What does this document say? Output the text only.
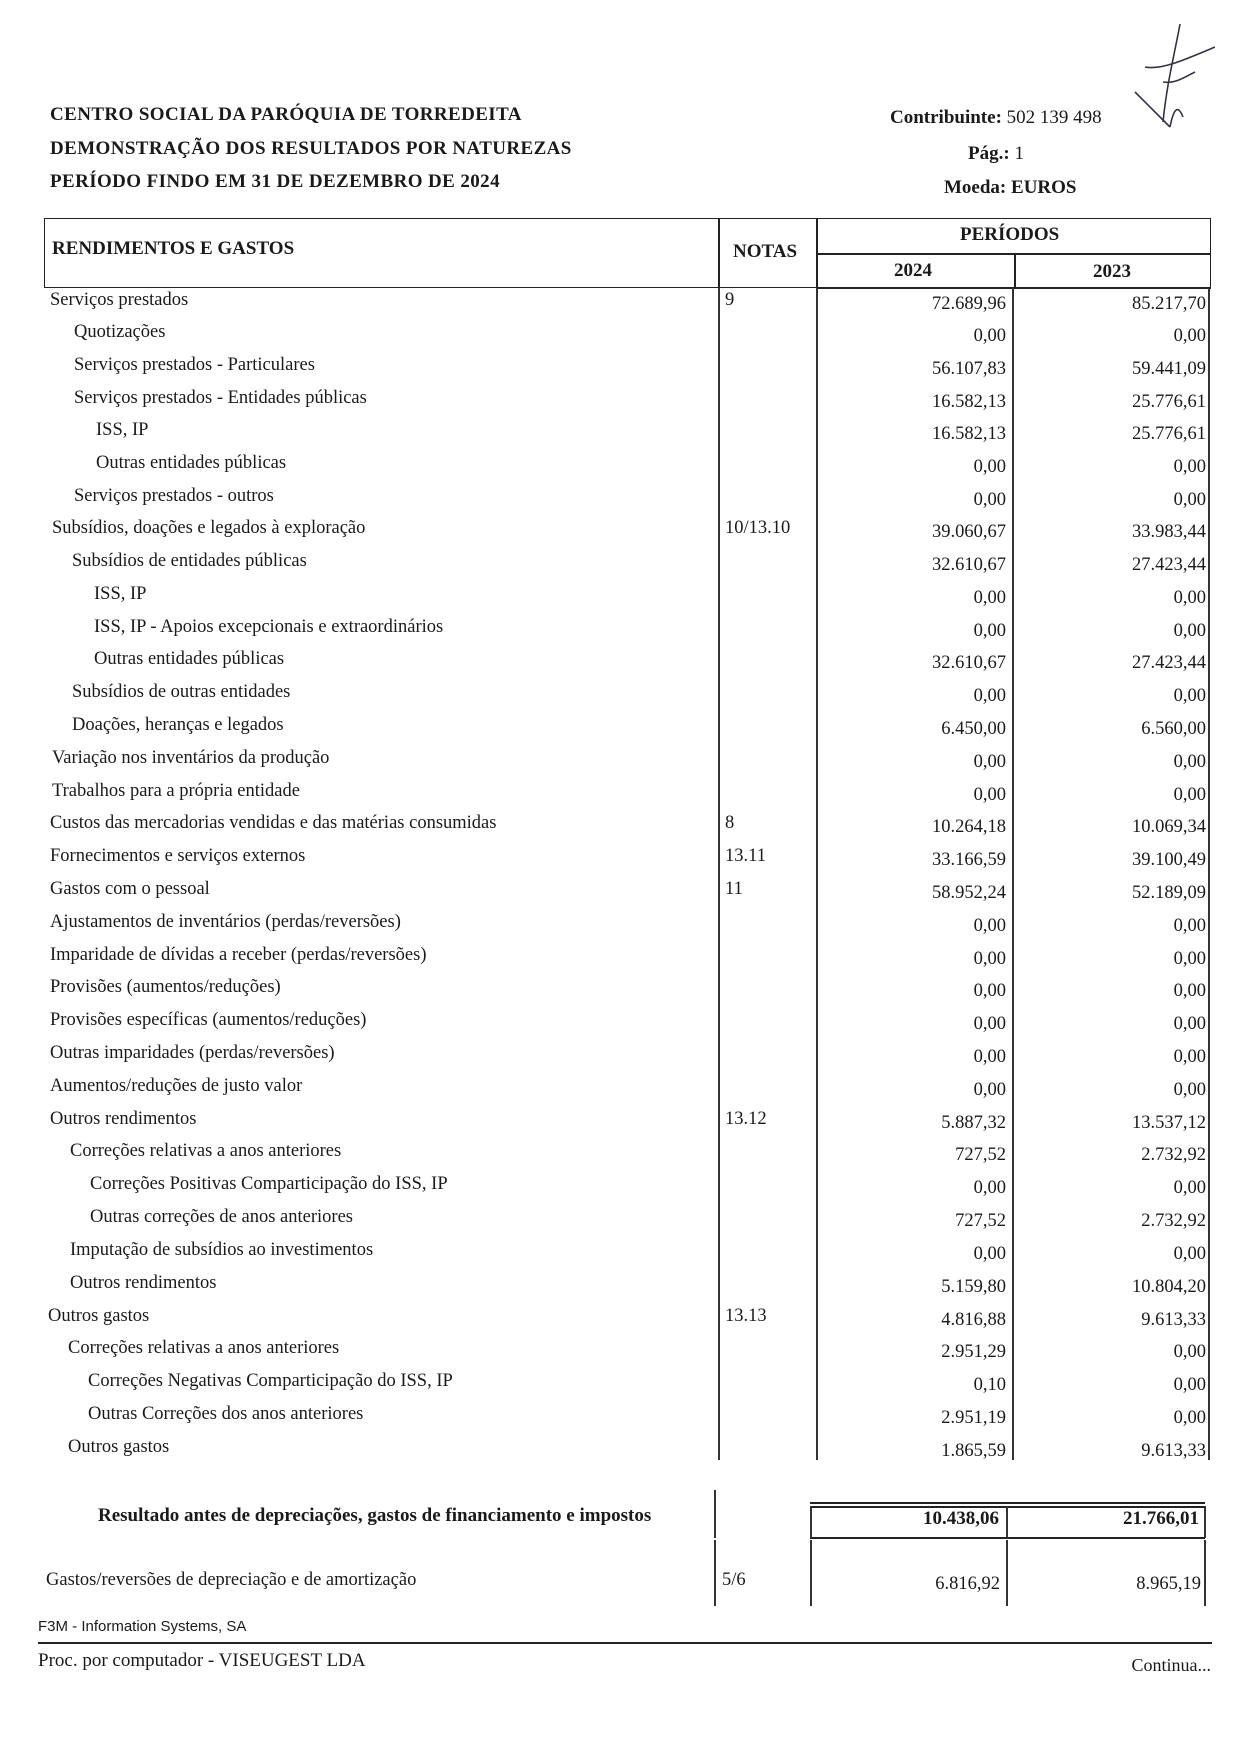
CENTRO SOCIAL DA PARÓQUIA DE TORREDEITA
DEMONSTRAÇÃO DOS RESULTADOS POR NATUREZAS
PERÍODO FINDO EM 31 DE DEZEMBRO DE 2024
Contribuinte: 502 139 498
Pág.: 1
Moeda: EUROS
RENDIMENTOS E GASTOS	NOTAS
PERÍODOS
2024	2023
Serviços prestados	9	72.689,96	85.217,70
Quotizações	0,00	0,00
Serviços prestados - Particulares	56.107,83	59.441,09
Serviços prestados - Entidades públicas	16.582,13	25.776,61
ISS, IP	16.582,13	25.776,61
Outras entidades públicas	0,00	0,00
Serviços prestados - outros	0,00	0,00
Subsídios, doações e legados à exploração	10/13.10	39.060,67	33.983,44
Subsídios de entidades públicas	32.610,67	27.423,44
ISS, IP	0,00	0,00
ISS, IP - Apoios excepcionais e extraordinários	0,00	0,00
Outras entidades públicas	32.610,67	27.423,44
Subsídios de outras entidades	0,00	0,00
Doações, heranças e legados	6.450,00	6.560,00
Variação nos inventários da produção	0,00	0,00
Trabalhos para a própria entidade	0,00	0,00
Custos das mercadorias vendidas e das matérias consumidas	8	10.264,18	10.069,34
Fornecimentos e serviços externos	13.11	33.166,59	39.100,49
Gastos com o pessoal	11	58.952,24	52.189,09
Ajustamentos de inventários (perdas/reversões)	0,00	0,00
Imparidade de dívidas a receber (perdas/reversões)	0,00	0,00
Provisões (aumentos/reduções)	0,00	0,00
Provisões específicas (aumentos/reduções)	0,00	0,00
Outras imparidades (perdas/reversões)	0,00	0,00
Aumentos/reduções de justo valor	0,00	0,00
Outros rendimentos	13.12	5.887,32	13.537,12
Correções relativas a anos anteriores	727,52	2.732,92
Correções Positivas Comparticipação do ISS, IP	0,00	0,00
Outras correções de anos anteriores	727,52	2.732,92
Imputação de subsídios ao investimentos	0,00	0,00
Outros rendimentos	5.159,80	10.804,20
Outros gastos	13.13	4.816,88	9.613,33
Correções relativas a anos anteriores	2.951,29	0,00
Correções Negativas Comparticipação do ISS, IP	0,10	0,00
Outras Correções dos anos anteriores	2.951,19	0,00
Outros gastos	1.865,59	9.613,33
Resultado antes de depreciações, gastos de financiamento e impostos	10.438,06	21.766,01
Gastos/reversões de depreciação e de amortização	5/6	6.816,92	8.965,19
F3M - Information Systems, SA
Proc. por computador - VISEUGEST LDA	Continua...
